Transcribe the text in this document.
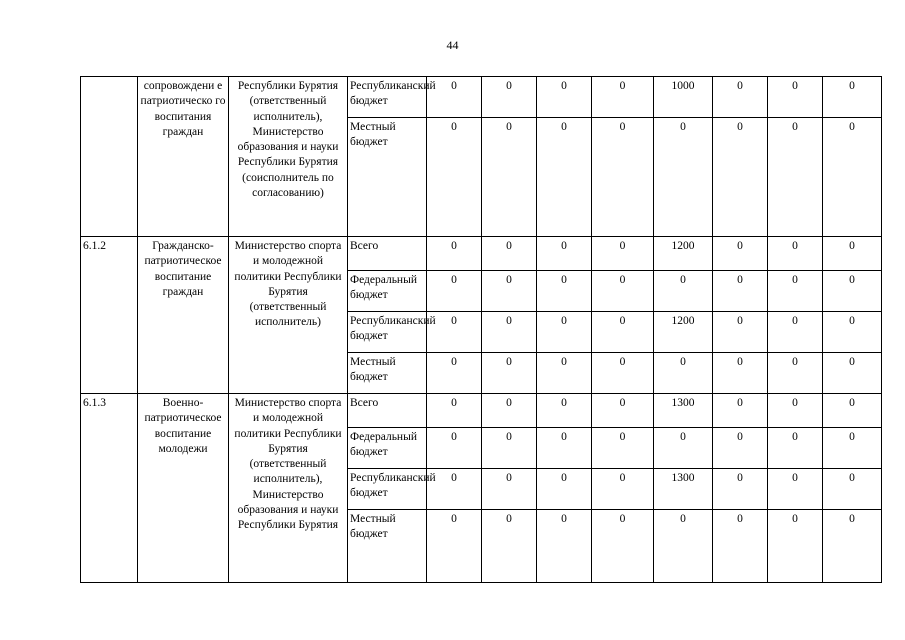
44
	сопровождени е патриотическо го воспитания граждан	Республики Бурятия (ответственный исполнитель), Министерство образования и науки Республики Бурятия (соисполнитель по согласованию)	Республиканский бюджет	0	0	0	0	1000	0	0	0
			Местный бюджет	0	0	0	0	0	0	0	0
6.1.2	Гражданско-патриотическое воспитание граждан	Министерство спорта и молодежной политики Республики Бурятия (ответственный исполнитель)	Всего	0	0	0	0	1200	0	0	0
			Федеральный бюджет	0	0	0	0	0	0	0	0
			Республиканский бюджет	0	0	0	0	1200	0	0	0
			Местный бюджет	0	0	0	0	0	0	0	0
6.1.3	Военно-патриотическое воспитание молодежи	Министерство спорта и молодежной политики Республики Бурятия (ответственный исполнитель), Министерство образования и науки Республики Бурятия	Всего	0	0	0	0	1300	0	0	0
			Федеральный бюджет	0	0	0	0	0	0	0	0
			Республиканский бюджет	0	0	0	0	1300	0	0	0
			Местный бюджет	0	0	0	0	0	0	0	0
